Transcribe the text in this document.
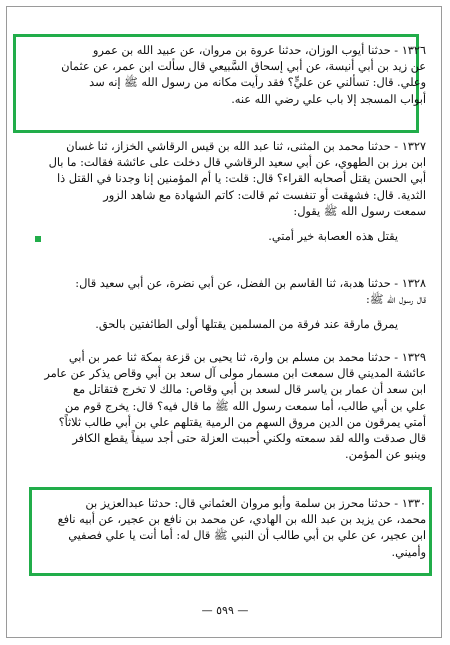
١٣٢٦ - حدثنا أيوب الوزان، حدثنا عروة بن مروان، عن عبيد الله بن عمرو

عن زيد بن أبي أنيسة، عن أبي إسحاق السَّبيعي قال سألت ابن عمر، عن عثمان

وعلي. قال: تسألني عن عليٍّ؟ فقد رأيت مكانه من رسول الله ﷺ إنه سد

أبواب المسجد إلا باب علي رضي الله عنه.

١٣٢٧ - حدثنا محمد بن المثنى، ثنا عبد الله بن قيس الرقاشي الخزاز، ثنا غسان

ابن برز بن الطهوي، عن أبي سعيد الرقاشي قال دخلت على عائشة فقالت: ما بال

أبي الحسن يقتل أصحابه القراء؟ قال: قلت: يا أم المؤمنين إنا وجدنا في القتل ذا

الثدية. قال: فشهقت أو تنفست ثم قالت: كاتم الشهادة مع شاهد الزور

سمعت رسول الله ﷺ يقول:

يقتل هذه العصابة خير أمتي.

١٣٢٨ - حدثنا هدبة، ثنا القاسم بن الفضل، عن أبي نضرة، عن أبي سعيد قال:

قال رسول الله ﷺ:

يمرق مارقة عند فرقة من المسلمين يقتلها أولى الطائفتين بالحق.

١٣٢٩ - حدثنا محمد بن مسلم بن وارة، ثنا يحيى بن قزعة بمكة ثنا عمر بن أبي

عائشة المديني قال سمعت ابن مسمار مولى آل سعد بن أبي وقاص يذكر عن عامر

ابن سعد أن عمار بن ياسر قال لسعد بن أبي وقاص: مالك لا تخرج فتقاتل مع

علي بن أبي طالب، أما سمعت رسول الله ﷺ ما قال فيه؟ قال: يخرج قوم من

أمتي يمرقون من الدين مروق السهم من الرمية يقتلهم علي بن أبي طالب ثلاثاً؟

قال صدقت والله لقد سمعته ولكني أحببت العزلة حتى أجد سيفاً يقطع الكافر

وينبو عن المؤمن.

١٣٣٠ - حدثنا محرز بن سلمة وأبو مروان العثماني قال: حدثنا عبدالعزيز بن

محمد، عن يزيد بن عبد الله بن الهادي، عن محمد بن نافع بن عجير، عن أبيه نافع

ابن عجير، عن علي بن أبي طالب أن النبي ﷺ قال له: أما أنت يا علي فصفيي

وأميني.

— ٥٩٩ —
